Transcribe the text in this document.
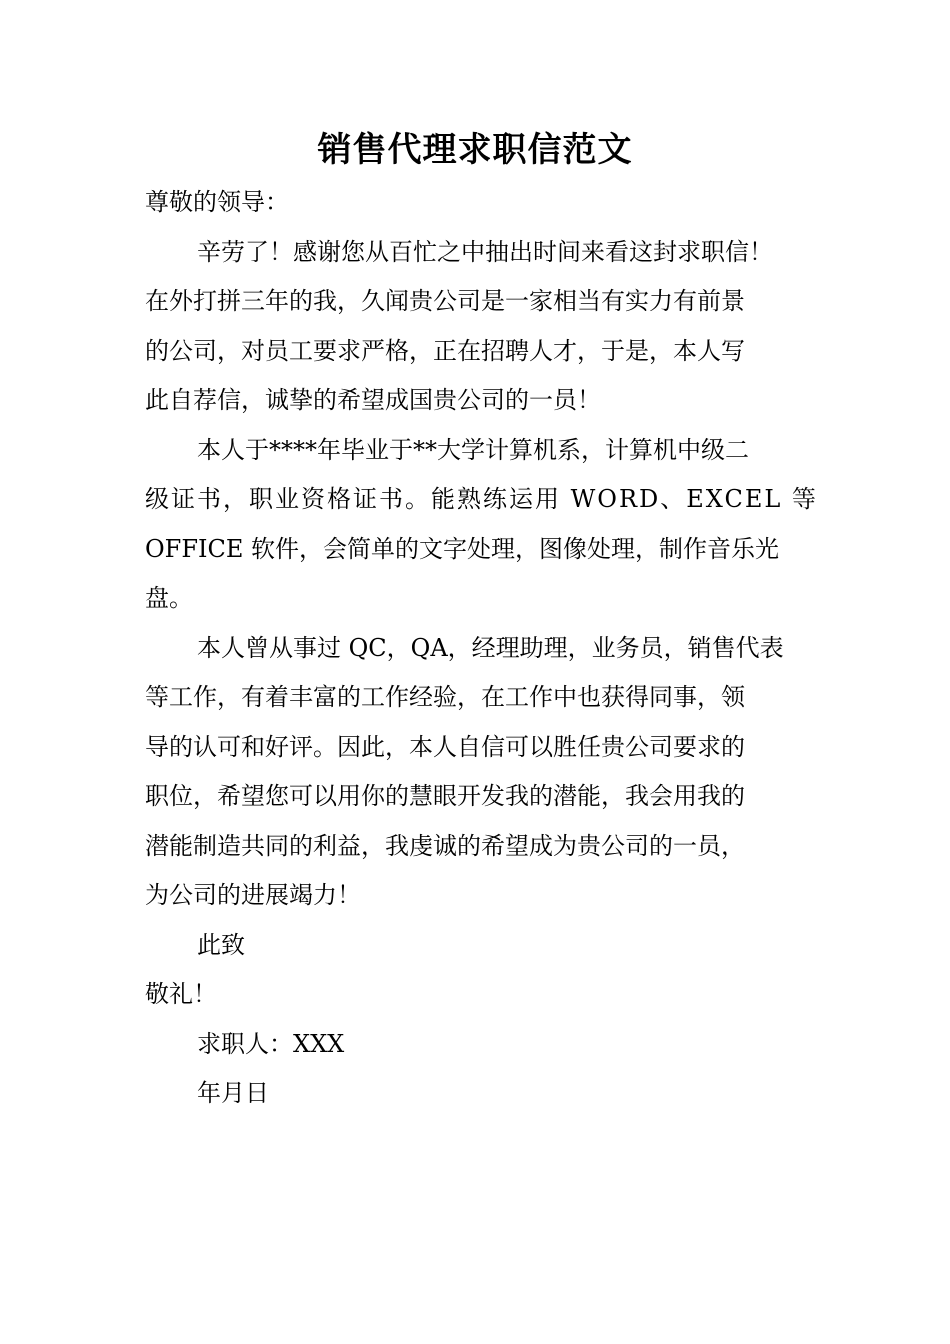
销售代理求职信范文
尊敬的领导：
辛劳了！感谢您从百忙之中抽出时间来看这封求职信！
在外打拼三年的我，久闻贵公司是一家相当有实力有前景
的公司，对员工要求严格，正在招聘人才，于是，本人写
此自荐信，诚挚的希望成国贵公司的一员！
本人于****年毕业于**大学计算机系，计算机中级二
级证书，职业资格证书。能熟练运用 WORD、EXCEL 等
OFFICE 软件，会简单的文字处理，图像处理，制作音乐光
盘。
本人曾从事过 QC，QA，经理助理，业务员，销售代表
等工作，有着丰富的工作经验，在工作中也获得同事，领
导的认可和好评。因此，本人自信可以胜任贵公司要求的
职位，希望您可以用你的慧眼开发我的潜能，我会用我的
潜能制造共同的利益，我虔诚的希望成为贵公司的一员，
为公司的进展竭力！
此致
敬礼！
求职人：XXX
年月日
